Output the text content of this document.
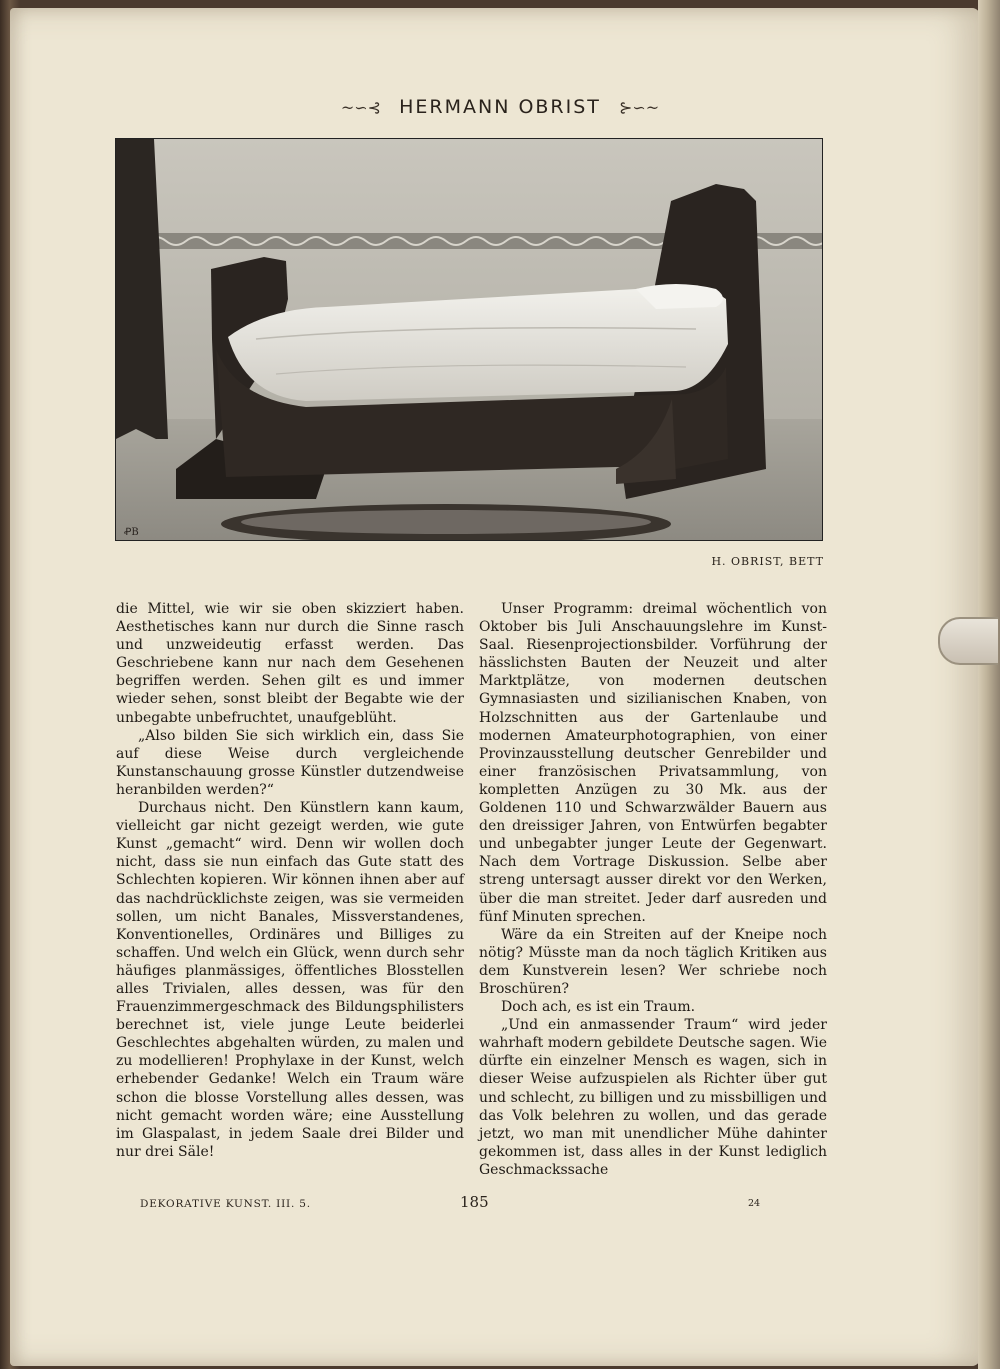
~∽⊰ HERMANN OBRIST ⊱∽~
ꝒB
H. OBRIST, BETT

die Mittel, wie wir sie oben skizziert haben. Aesthetisches kann nur durch die Sinne rasch und unzweideutig erfasst werden. Das Geschriebene kann nur nach dem Gesehenen begriffen werden. Sehen gilt es und immer wieder sehen, sonst bleibt der Begabte wie der unbegabte unbefruchtet, unaufgeblüht.

„Also bilden Sie sich wirklich ein, dass Sie auf diese Weise durch vergleichende Kunstanschauung grosse Künstler dutzendweise heranbilden werden?“

Durchaus nicht. Den Künstlern kann kaum, vielleicht gar nicht gezeigt werden, wie gute Kunst „gemacht“ wird. Denn wir wollen doch nicht, dass sie nun einfach das Gute statt des Schlechten kopieren. Wir können ihnen aber auf das nachdrücklichste zeigen, was sie vermeiden sollen, um nicht Banales, Missverstandenes, Konventionelles, Ordinäres und Billiges zu schaffen. Und welch ein Glück, wenn durch sehr häufiges planmässiges, öffentliches Blosstellen alles Trivialen, alles dessen, was für den Frauenzimmergeschmack des Bildungsphilisters berechnet ist, viele junge Leute beiderlei Geschlechtes abgehalten würden, zu malen und zu modellieren! Prophylaxe in der Kunst, welch erhebender Gedanke! Welch ein Traum wäre schon die blosse Vorstellung alles dessen, was nicht gemacht worden wäre; eine Ausstellung im Glaspalast, in jedem Saale drei Bilder und nur drei Säle!

Unser Programm: dreimal wöchentlich von Oktober bis Juli Anschauungslehre im Kunst-Saal. Riesenprojectionsbilder. Vorführung der hässlichsten Bauten der Neuzeit und alter Marktplätze, von modernen deutschen Gymnasiasten und sizilianischen Knaben, von Holzschnitten aus der Gartenlaube und modernen Amateurphotographien, von einer Provinzausstellung deutscher Genrebilder und einer französischen Privatsammlung, von kompletten Anzügen zu 30 Mk. aus der Goldenen 110 und Schwarzwälder Bauern aus den dreissiger Jahren, von Entwürfen begabter und unbegabter junger Leute der Gegenwart. Nach dem Vortrage Diskussion. Selbe aber streng untersagt ausser direkt vor den Werken, über die man streitet. Jeder darf ausreden und fünf Minuten sprechen.

Wäre da ein Streiten auf der Kneipe noch nötig? Müsste man da noch täglich Kritiken aus dem Kunstverein lesen? Wer schriebe noch Broschüren?

Doch ach, es ist ein Traum.

„Und ein anmassender Traum“ wird jeder wahrhaft modern gebildete Deutsche sagen. Wie dürfte ein einzelner Mensch es wagen, sich in dieser Weise aufzuspielen als Richter über gut und schlecht, zu billigen und zu missbilligen und das Volk belehren zu wollen, und das gerade jetzt, wo man mit unendlicher Mühe dahinter gekommen ist, dass alles in der Kunst lediglich Geschmackssache

DEKORATIVE KUNST. III. 5.	185	24
